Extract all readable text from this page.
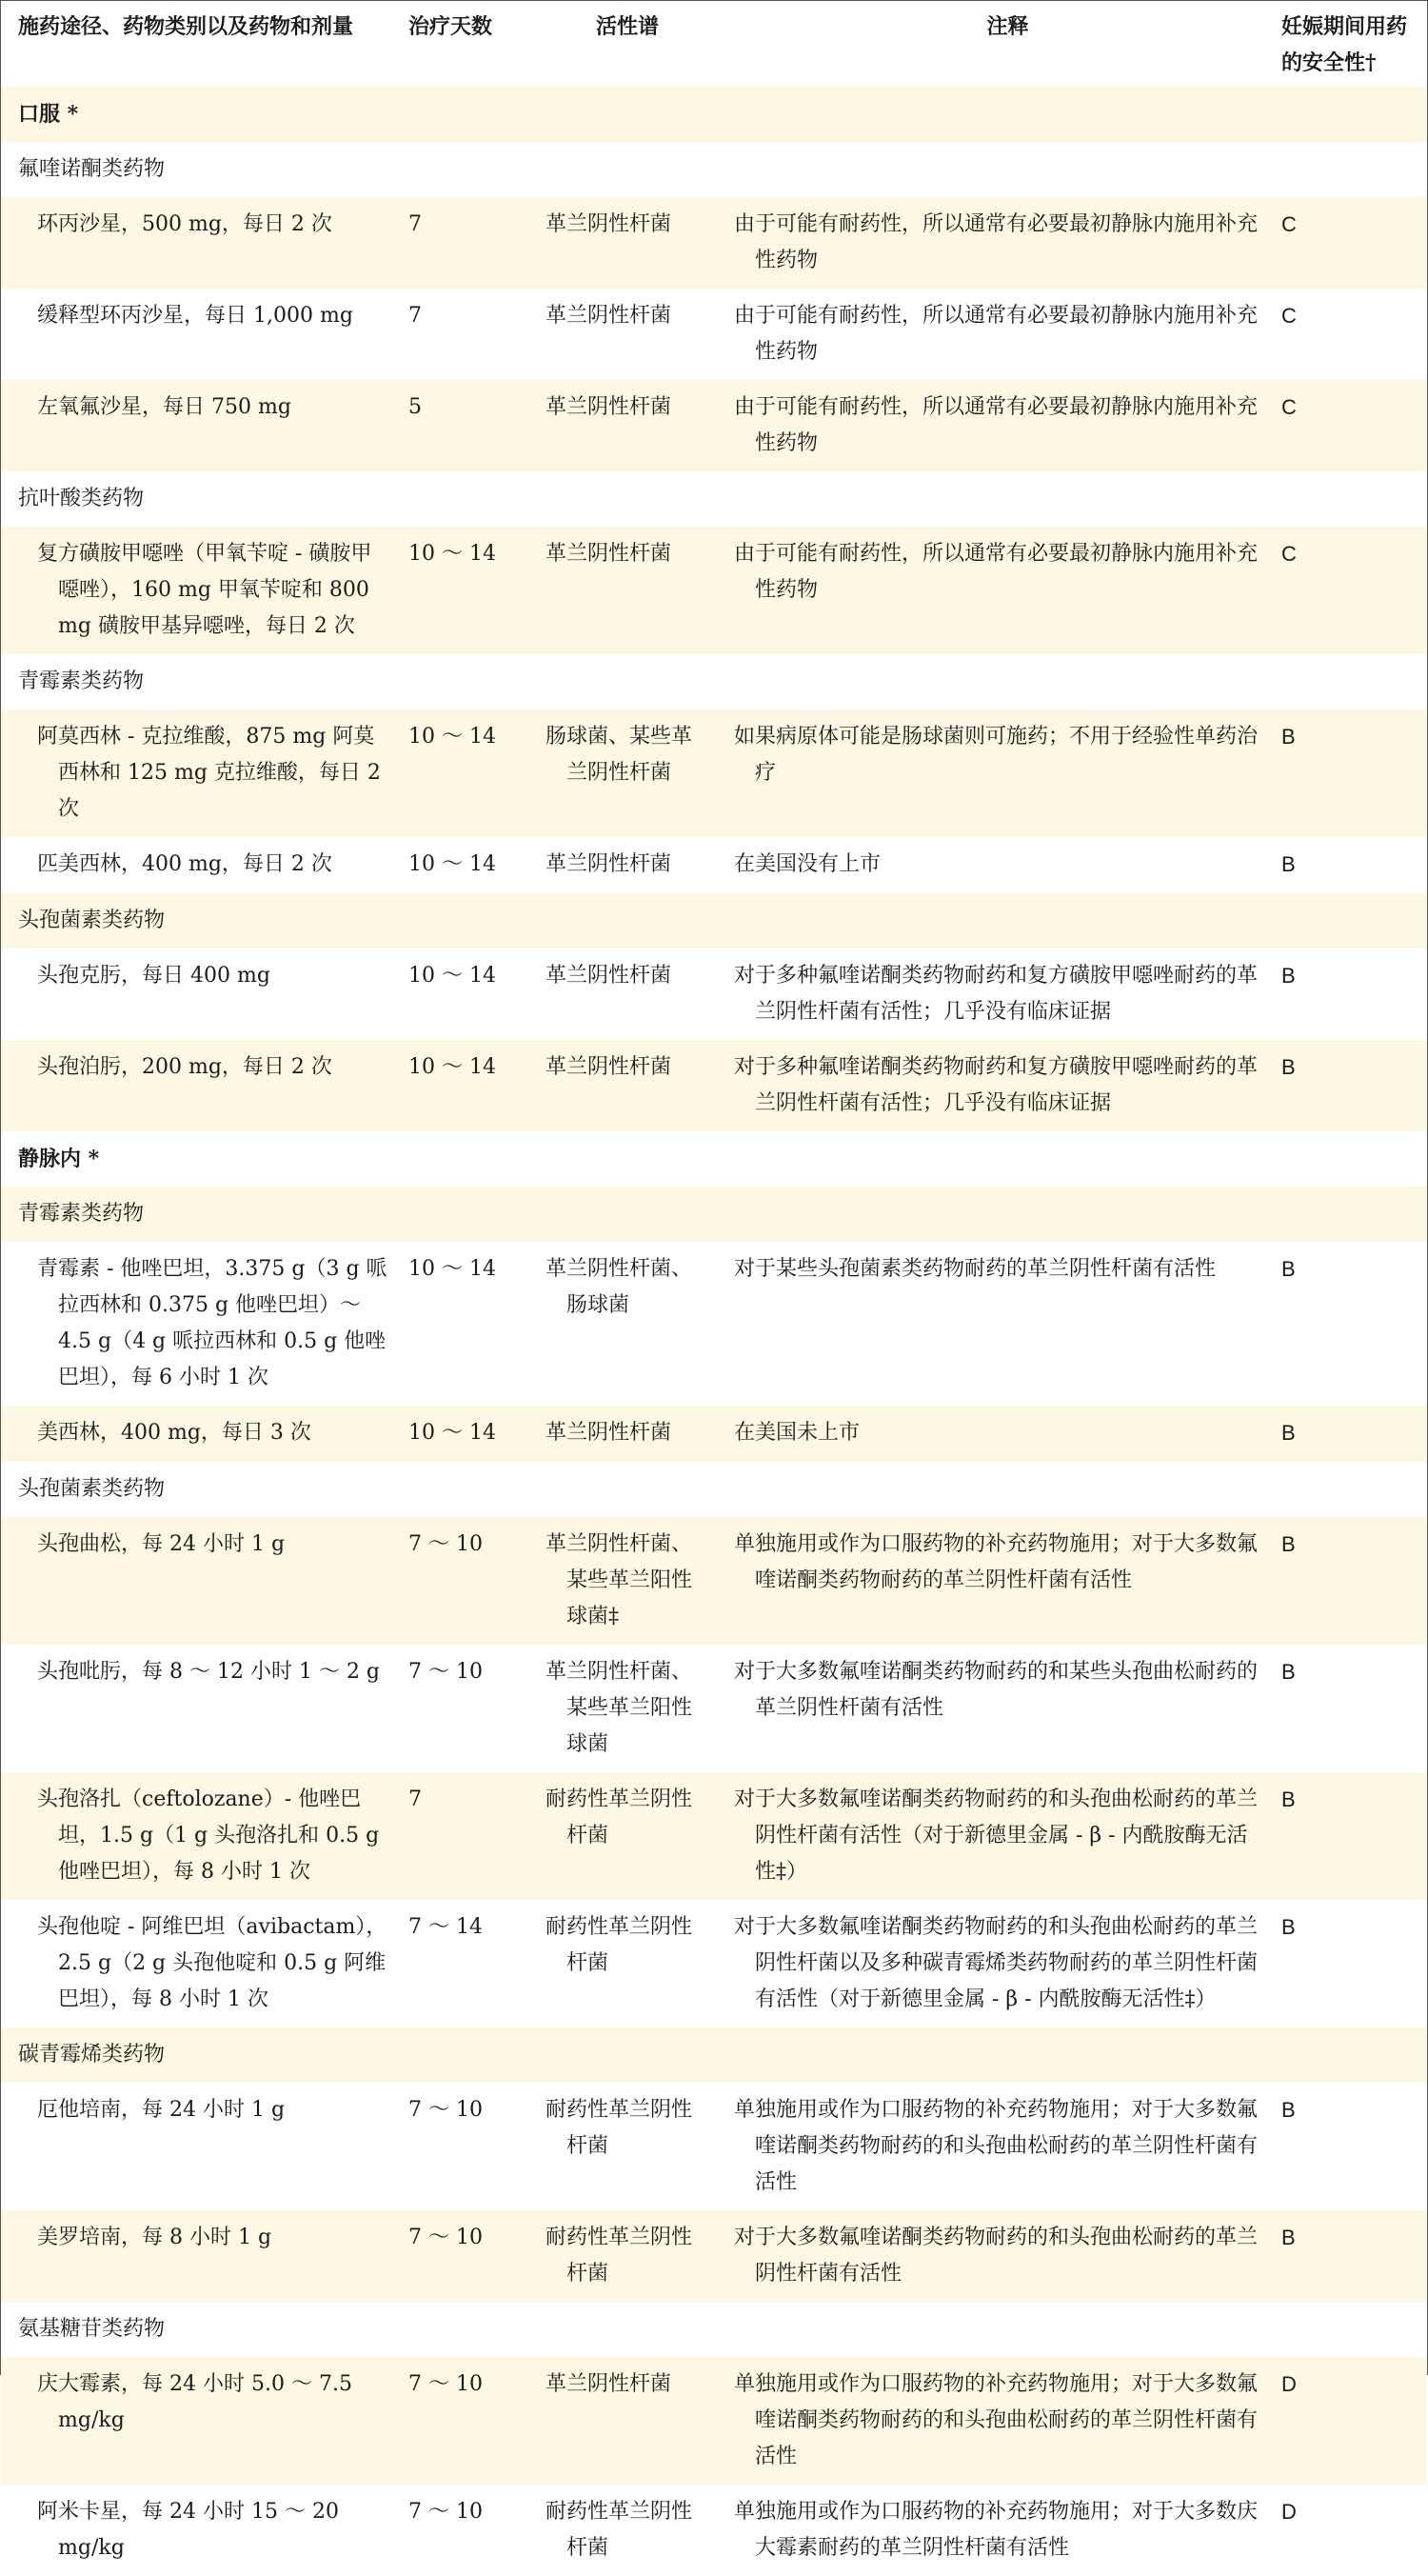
施药途径、药物类别以及药物和剂量	治疗天数	活性谱	注释	妊娠期间用药的安全性†
口服 *				
氟喹诺酮类药物				

环丙沙星，500 mg，每日 2 次	7	革兰阴性杆菌	由于可能有耐药性，所以通常有必要最初静脉内施用补充性药物	C

缓释型环丙沙星，每日 1,000 mg	7	革兰阴性杆菌	由于可能有耐药性，所以通常有必要最初静脉内施用补充性药物	C

左氧氟沙星，每日 750 mg	5	革兰阴性杆菌	由于可能有耐药性，所以通常有必要最初静脉内施用补充性药物	C
抗叶酸类药物				

复方磺胺甲噁唑（甲氧苄啶 - 磺胺甲噁唑），160 mg 甲氧苄啶和 800 mg 磺胺甲基异噁唑，每日 2 次	10 ～ 14	革兰阴性杆菌	由于可能有耐药性，所以通常有必要最初静脉内施用补充性药物	C
青霉素类药物				

阿莫西林 - 克拉维酸，875 mg 阿莫西林和 125 mg 克拉维酸，每日 2 次	10 ～ 14	肠球菌、某些革兰阴性杆菌	如果病原体可能是肠球菌则可施药；不用于经验性单药治疗	B

匹美西林，400 mg，每日 2 次	10 ～ 14	革兰阴性杆菌	在美国没有上市	B
头孢菌素类药物				

头孢克肟，每日 400 mg	10 ～ 14	革兰阴性杆菌	对于多种氟喹诺酮类药物耐药和复方磺胺甲噁唑耐药的革兰阴性杆菌有活性；几乎没有临床证据	B

头孢泊肟，200 mg，每日 2 次	10 ～ 14	革兰阴性杆菌	对于多种氟喹诺酮类药物耐药和复方磺胺甲噁唑耐药的革兰阴性杆菌有活性；几乎没有临床证据	B
静脉内 *				
青霉素类药物				

青霉素 - 他唑巴坦，3.375 g（3 g 哌拉西林和 0.375 g 他唑巴坦）～ 4.5 g（4 g 哌拉西林和 0.5 g 他唑巴坦），每 6 小时 1 次	10 ～ 14	革兰阴性杆菌、肠球菌	对于某些头孢菌素类药物耐药的革兰阴性杆菌有活性	B

美西林，400 mg，每日 3 次	10 ～ 14	革兰阴性杆菌	在美国未上市	B
头孢菌素类药物				

头孢曲松，每 24 小时 1 g	7 ～ 10	革兰阴性杆菌、某些革兰阳性球菌‡	单独施用或作为口服药物的补充药物施用；对于大多数氟喹诺酮类药物耐药的革兰阴性杆菌有活性	B

头孢吡肟，每 8 ～ 12 小时 1 ～ 2 g	7 ～ 10	革兰阴性杆菌、某些革兰阳性球菌	对于大多数氟喹诺酮类药物耐药的和某些头孢曲松耐药的革兰阴性杆菌有活性	B

头孢洛扎（ceftolozane）- 他唑巴坦，1.5 g（1 g 头孢洛扎和 0.5 g 他唑巴坦），每 8 小时 1 次	7	耐药性革兰阴性杆菌	对于大多数氟喹诺酮类药物耐药的和头孢曲松耐药的革兰阴性杆菌有活性（对于新德里金属 - β - 内酰胺酶无活性‡）	B

头孢他啶 - 阿维巴坦（avibactam），2.5 g（2 g 头孢他啶和 0.5 g 阿维巴坦），每 8 小时 1 次	7 ～ 14	耐药性革兰阴性杆菌	对于大多数氟喹诺酮类药物耐药的和头孢曲松耐药的革兰阴性杆菌以及多种碳青霉烯类药物耐药的革兰阴性杆菌有活性（对于新德里金属 - β - 内酰胺酶无活性‡）	B
碳青霉烯类药物				

厄他培南，每 24 小时 1 g	7 ～ 10	耐药性革兰阴性杆菌	单独施用或作为口服药物的补充药物施用；对于大多数氟喹诺酮类药物耐药的和头孢曲松耐药的革兰阴性杆菌有活性	B

美罗培南，每 8 小时 1 g	7 ～ 10	耐药性革兰阴性杆菌	对于大多数氟喹诺酮类药物耐药的和头孢曲松耐药的革兰阴性杆菌有活性	B
氨基糖苷类药物				

庆大霉素，每 24 小时 5.0 ～ 7.5 mg/kg	7 ～ 10	革兰阴性杆菌	单独施用或作为口服药物的补充药物施用；对于大多数氟喹诺酮类药物耐药的和头孢曲松耐药的革兰阴性杆菌有活性	D

阿米卡星，每 24 小时 15 ～ 20 mg/kg	7 ～ 10	耐药性革兰阴性杆菌	单独施用或作为口服药物的补充药物施用；对于大多数庆大霉素耐药的革兰阴性杆菌有活性	D
